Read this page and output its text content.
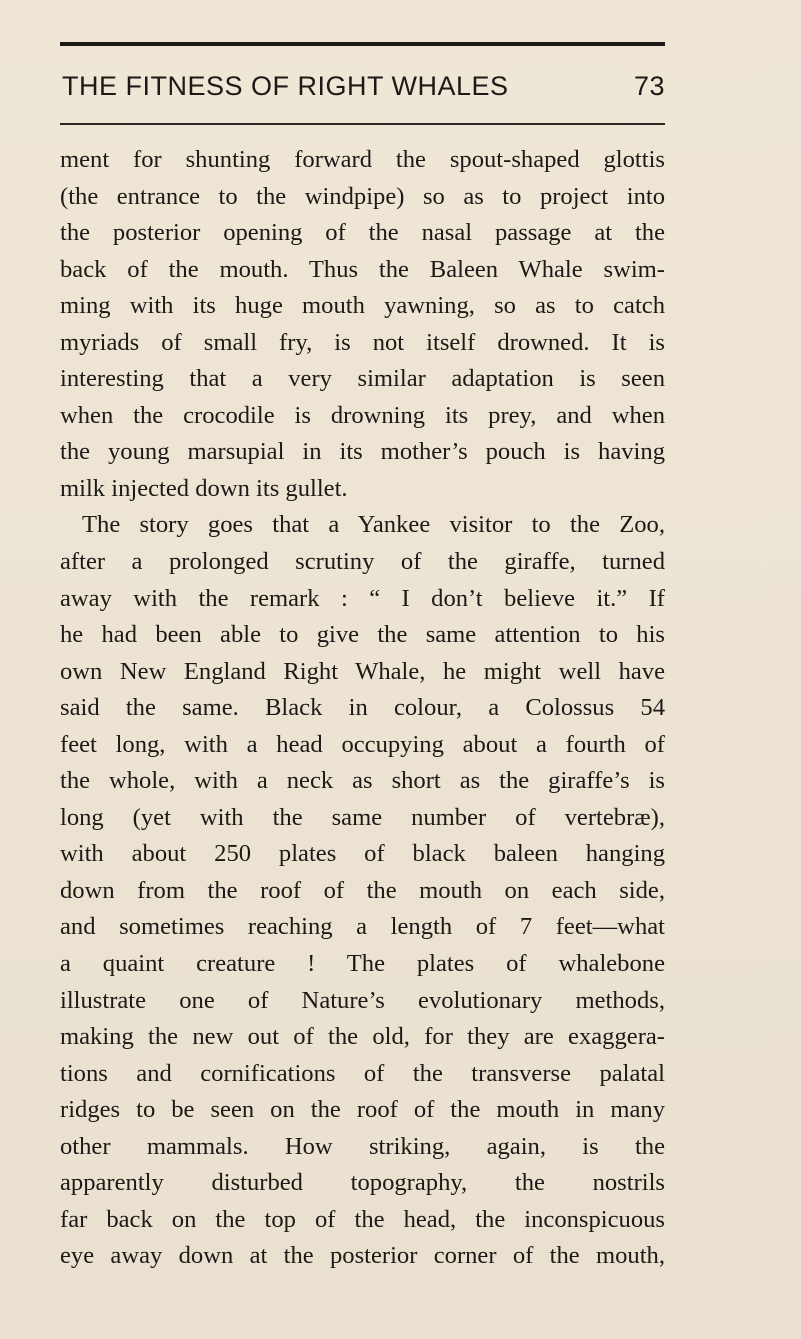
THE FITNESS OF RIGHT WHALES	73
ment for shunting forward the spout-shaped glottis
(the entrance to the windpipe) so as to project into
the posterior opening of the nasal passage at the
back of the mouth. Thus the Baleen Whale swim-
ming with its huge mouth yawning, so as to catch
myriads of small fry, is not itself drowned. It is
interesting that a very similar adaptation is seen
when the crocodile is drowning its prey, and when
the young marsupial in its mother’s pouch is having
milk injected down its gullet.
The story goes that a Yankee visitor to the Zoo,
after a prolonged scrutiny of the giraffe, turned
away with the remark : “ I don’t believe it.” If
he had been able to give the same attention to his
own New England Right Whale, he might well have
said the same. Black in colour, a Colossus 54
feet long, with a head occupying about a fourth of
the whole, with a neck as short as the giraffe’s is
long (yet with the same number of vertebræ),
with about 250 plates of black baleen hanging
down from the roof of the mouth on each side,
and sometimes reaching a length of 7 feet—what
a quaint creature ! The plates of whalebone
illustrate one of Nature’s evolutionary methods,
making the new out of the old, for they are exaggera-
tions and cornifications of the transverse palatal
ridges to be seen on the roof of the mouth in many
other mammals. How striking, again, is the
apparently disturbed topography, the nostrils
far back on the top of the head, the inconspicuous
eye away down at the posterior corner of the mouth,
